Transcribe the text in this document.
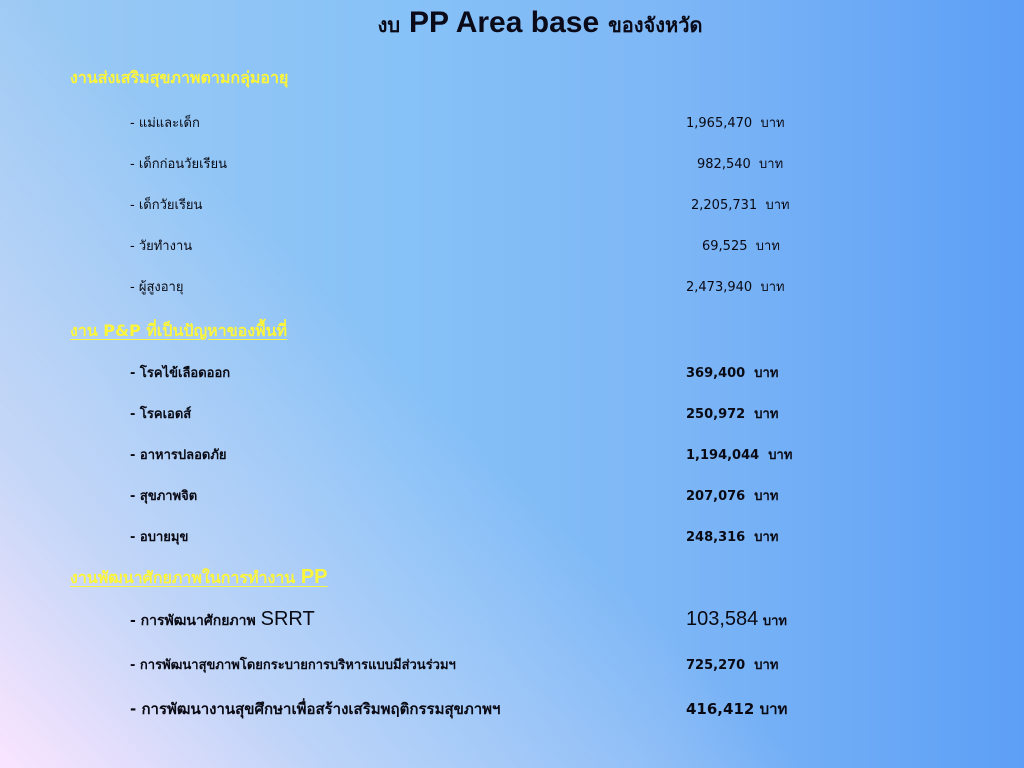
งบ PP Area base ของจังหวัด
งานส่งเสริมสุขภาพตามกลุ่มอายุ
- แม่และเด็ก	1,965,470 บาท
- เด็กก่อนวัยเรียน	982,540 บาท
- เด็กวัยเรียน	2,205,731 บาท
- วัยทำงาน	69,525 บาท
- ผู้สูงอายุ	2,473,940 บาท
งาน P&P ที่เป็นปัญหาของพื้นที่
- โรคไข้เลือดออก	369,400 บาท
- โรคเอดส์	250,972 บาท
- อาหารปลอดภัย	1,194,044 บาท
- สุขภาพจิต	207,076 บาท
- อบายมุข	248,316 บาท
งานพัฒนาศักยภาพในการทำงาน PP
- การพัฒนาศักยภาพ SRRT	103,584 บาท
- การพัฒนาสุขภาพโดยกระบายการบริหารแบบมีส่วนร่วมฯ	725,270 บาท
- การพัฒนางานสุขศึกษาเพื่อสร้างเสริมพฤติกรรมสุขภาพฯ	416,412 บาท
